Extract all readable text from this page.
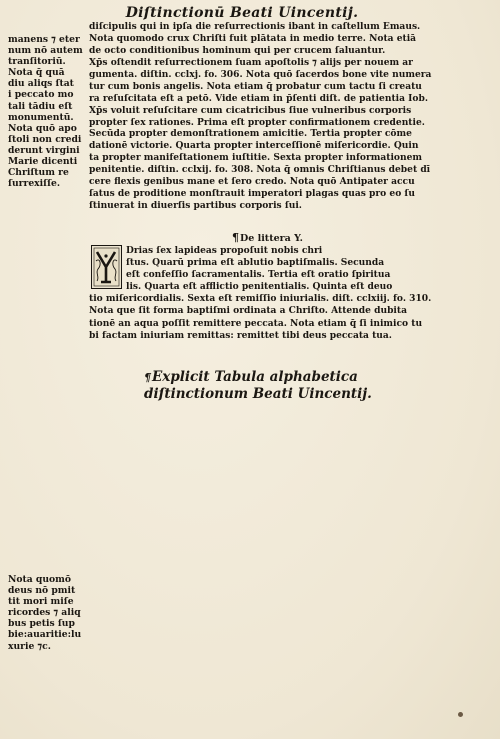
Diſtinctionū Beati Uincentij.
manens ⁊ eter
num nō autem
tranſitoriū.
Nota q̄ quā
diu aliqs ſtat
i peccato mo
tali tādiu eſt
monumentū.
Nota quō apo
ſtoli non credi
derunt virgini
Marie dicenti
Chriſtum re
ſurrexiſſe.
diſcipulis qui in ipſa die reſurrectionis ibant in caſtellum Emaus.
Nota quomodo crux Chriſti fuit plātata in medio terre. Nota etiā
de octo conditionibus hominum qui per crucem ſaluantur.
Xp̄s oſtendit reſurrectionem ſuam apoſtolis ⁊ alijs per nouem ar
gumenta. diſtin. cclxj. fo. 306. Nota quō ſacerdos bone vite numera
tur cum bonis angelis. Nota etiam q̄ probatur cum tactu ſi creatu
ra reſuſcitata eſt a petō. Vide etiam in p̄ſenti diſt. de patientia Iob.
Xp̄s voluit reſuſcitare cum cicatricibus ſiue vulneribus corporis
propter ſex rationes. Prima eſt propter confirmationem credentie.
Secūda propter demonſtrationem amicitie. Tertia propter cōme
dationē victorie. Quarta propter interceſſionē miſericordie. Quin
ta propter manifeſtationem iuſtitie. Sexta propter informationem
penitentie. diſtin. cclxij. fo. 308. Nota q̄ omnis Chriſtianus debet dī
cere flexis genibus mane et ſero credo. Nota quō Antipater accu
ſatus de proditione monſtrauit imperatori plagas quas pro eo ſu
ſtinuerat in diuerſis partibus corporis ſui.
¶De littera Y.
Drias ſex lapideas propoſuit nobis chri
ſtus. Quarū prima eſt ablutio baptiſmalis. Secunda
eſt confeſſio ſacramentalis. Tertia eſt oratio ſpiritua
lis. Quarta eſt afflictio penitentialis. Quinta eſt deuo
tio miſericordialis. Sexta eſt remiſſio iniurialis. diſt. cclxiij. fo. 310.
Nota que ſit forma baptiſmi ordinata a Chriſto. Attende dubita
tionē an aqua poſſit remittere peccata. Nota etiam q̄ ſi inimico tu
bi factam iniuriam remittas: remittet tibi deus peccata tua.
Nota quomō
deus nō pmit
tit mori miſe
ricordes ⁊ aliq
bus petis ſup
bie:auaritie:lu
xurie ⁊c.
¶Explicit Tabula alphabetica
diſtinctionum Beati Uincentij.
